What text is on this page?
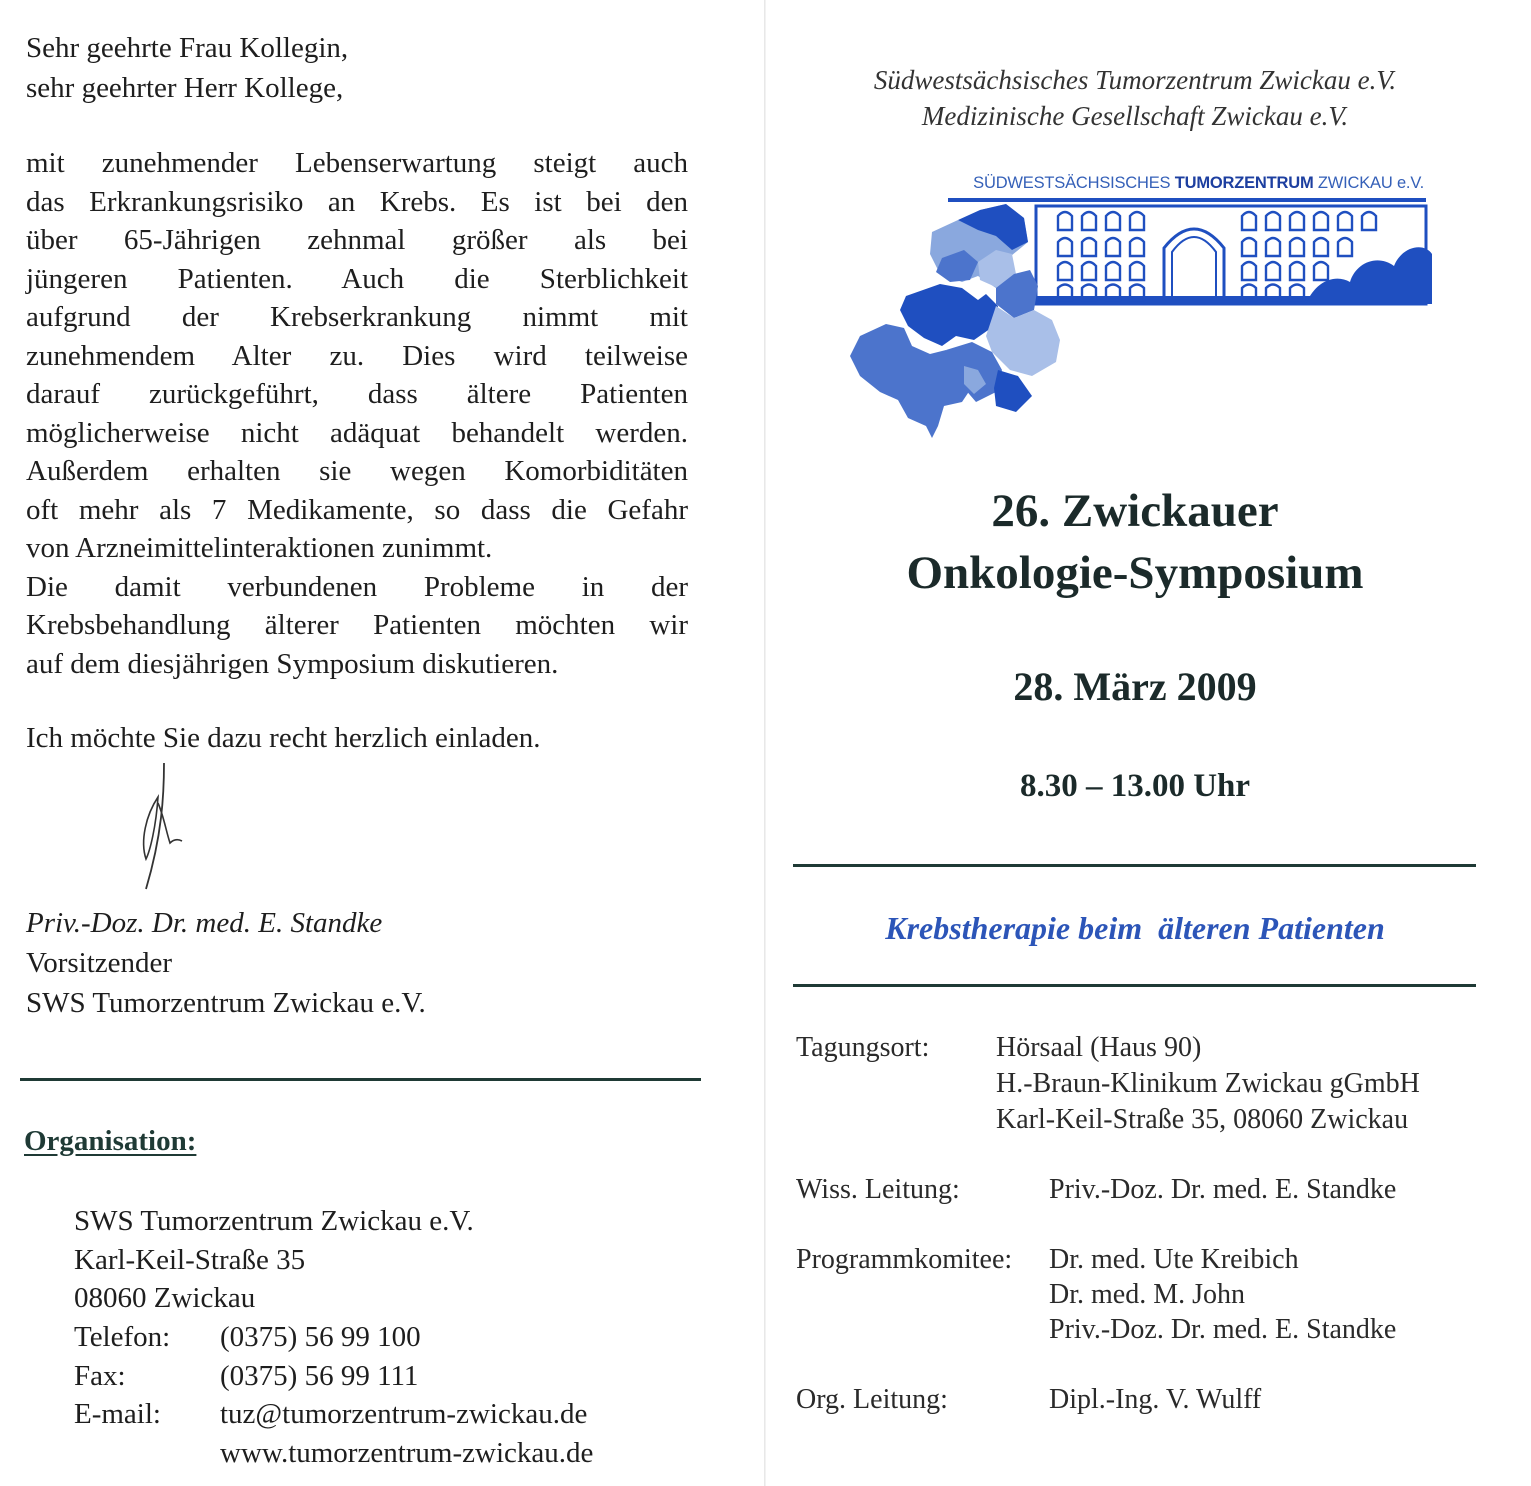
Sehr geehrte Frau Kollegin,
sehr geehrter Herr Kollege,
mit zunehmender Lebenserwartung steigt auch
das Erkrankungsrisiko an Krebs. Es ist bei den
über 65-Jährigen zehnmal größer als bei
jüngeren Patienten. Auch die Sterblichkeit
aufgrund der Krebserkrankung nimmt mit
zunehmendem Alter zu. Dies wird teilweise
darauf zurückgeführt, dass ältere Patienten
möglicherweise nicht adäquat behandelt werden.
Außerdem erhalten sie wegen Komorbiditäten
oft mehr als 7 Medikamente, so dass die Gefahr
von Arzneimittelinteraktionen zunimmt.
Die damit verbundenen Probleme in der
Krebsbehandlung älterer Patienten möchten wir
auf dem diesjährigen Symposium diskutieren.
Ich möchte Sie dazu recht herzlich einladen.
Priv.-Doz. Dr. med. E. Standke
Vorsitzender
SWS Tumorzentrum Zwickau e.V.
Organisation:
SWS Tumorzentrum Zwickau e.V.
Karl-Keil-Straße 35
08060 Zwickau
Telefon:	(0375) 56 99 100
Fax:	(0375) 56 99 111
E-mail:	tuz@tumorzentrum-zwickau.de
	www.tumorzentrum-zwickau.de
Südwestsächsisches Tumorzentrum Zwickau e.V.
Medizinische Gesellschaft Zwickau e.V.
SÜDWESTSÄCHSISCHES TUMORZENTRUM ZWICKAU e.V.
26. Zwickauer
Onkologie-Symposium
28. März 2009
8.30 – 13.00 Uhr
Krebstherapie beim  älteren Patienten
Tagungsort: Hörsaal (Haus 90)
H.-Braun-Klinikum Zwickau gGmbH
Karl-Keil-Straße 35, 08060 Zwickau
Wiss. Leitung:	Priv.-Doz. Dr. med. E. Standke
Programmkomitee: Dr. med. Ute Kreibich
Dr. med. M. John
Priv.-Doz. Dr. med. E. Standke
Org. Leitung:	Dipl.-Ing. V. Wulff
